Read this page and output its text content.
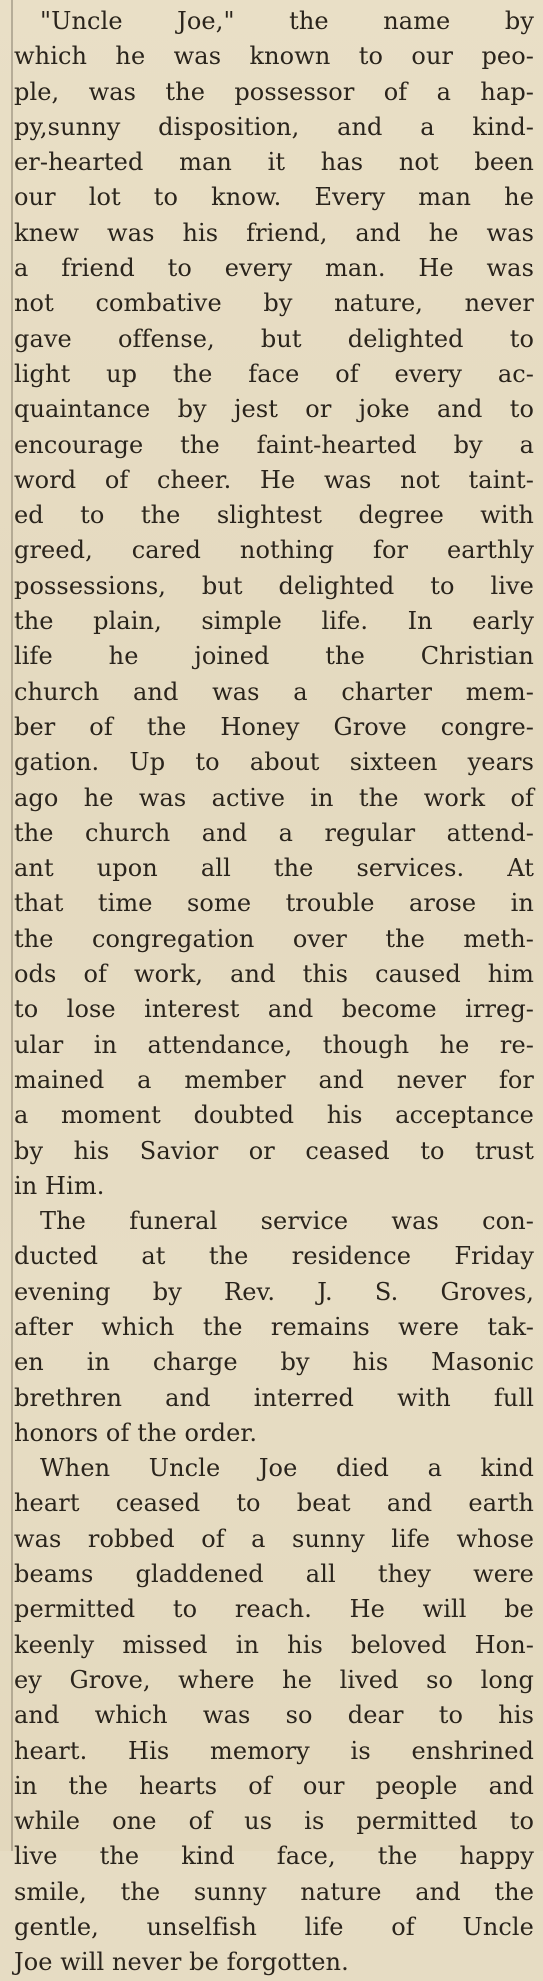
"Uncle Joe," the name by
which he was known to our peo-
ple, was the possessor of a hap-
py,sunny disposition, and a kind-
er-hearted man it has not been
our lot to know. Every man he
knew was his friend, and he was
a friend to every man. He was
not combative by nature, never
gave offense, but delighted to
light up the face of every ac-
quaintance by jest or joke and to
encourage the faint-hearted by a
word of cheer. He was not taint-
ed to the slightest degree with
greed, cared nothing for earthly
possessions, but delighted to live
the plain, simple life. In early
life he joined the Christian
church and was a charter mem-
ber of the Honey Grove congre-
gation. Up to about sixteen years
ago he was active in the work of
the church and a regular attend-
ant upon all the services. At
that time some trouble arose in
the congregation over the meth-
ods of work, and this caused him
to lose interest and become irreg-
ular in attendance, though he re-
mained a member and never for
a moment doubted his acceptance
by his Savior or ceased to trust
in Him.
The funeral service was con-
ducted at the residence Friday
evening by Rev. J. S. Groves,
after which the remains were tak-
en in charge by his Masonic
brethren and interred with full
honors of the order.
When Uncle Joe died a kind
heart ceased to beat and earth
was robbed of a sunny life whose
beams gladdened all they were
permitted to reach. He will be
keenly missed in his beloved Hon-
ey Grove, where he lived so long
and which was so dear to his
heart. His memory is enshrined
in the hearts of our people and
while one of us is permitted to
live the kind face, the happy
smile, the sunny nature and the
gentle, unselfish life of Uncle
Joe will never be forgotten.
